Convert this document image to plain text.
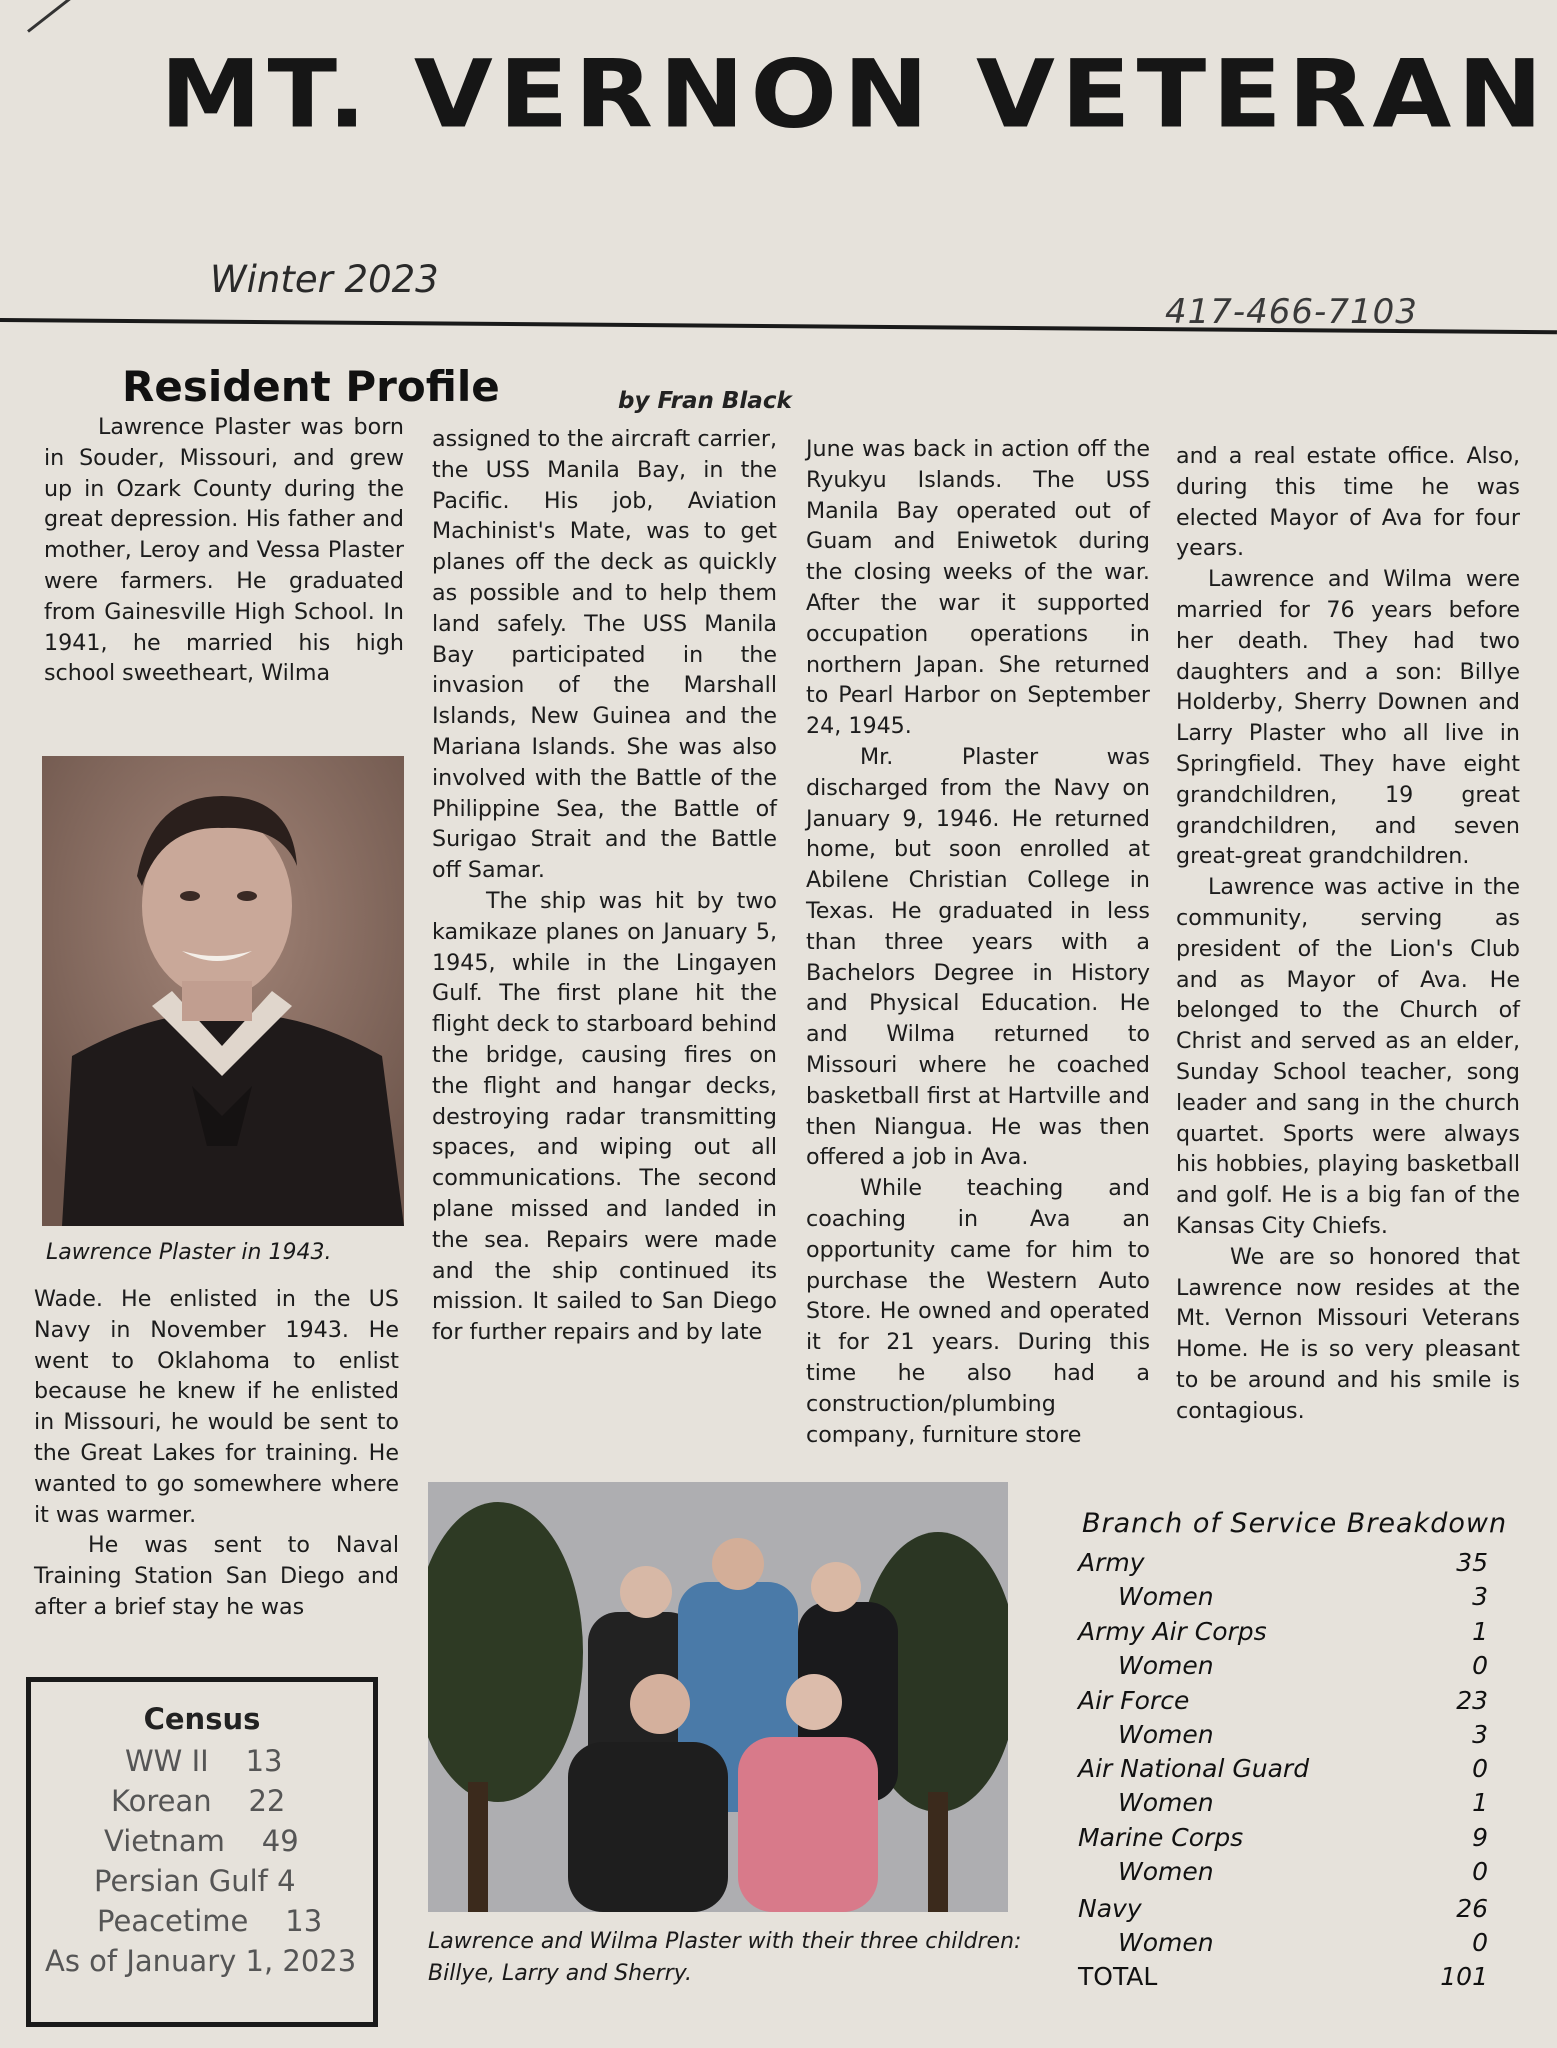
MT. VERNON VETERAN
Winter 2023
417-466-7103
Resident Profile	by Fran Black

Lawrence Plaster was born in Souder, Missouri, and grew up in Ozark County during the great depression. His father and mother, Leroy and Vessa Plaster were farmers. He graduated from Gainesville High School. In 1941, he married his high school sweetheart, Wilma

Lawrence Plaster in 1943.

Wade. He enlisted in the US Navy in November 1943. He went to Oklahoma to enlist because he knew if he enlisted in Missouri, he would be sent to the Great Lakes for training. He wanted to go somewhere where it was warmer.

He was sent to Naval Training Station San Diego and after a brief stay he was

assigned to the aircraft carrier, the USS Manila Bay, in the Pacific. His job, Aviation Machinist's Mate, was to get planes off the deck as quickly as possible and to help them land safely. The USS Manila Bay participated in the invasion of the Marshall Islands, New Guinea and the Mariana Islands. She was also involved with the Battle of the Philippine Sea, the Battle of Surigao Strait and the Battle off Samar.

The ship was hit by two kamikaze planes on January 5, 1945, while in the Lingayen Gulf. The first plane hit the flight deck to starboard behind the bridge, causing fires on the flight and hangar decks, destroying radar transmitting spaces, and wiping out all communications. The second plane missed and landed in the sea. Repairs were made and the ship continued its mission. It sailed to San Diego for further repairs and by late

June was back in action off the Ryukyu Islands. The USS Manila Bay operated out of Guam and Eniwetok during the closing weeks of the war. After the war it supported occupation operations in northern Japan. She returned to Pearl Harbor on September 24, 1945.

Mr. Plaster was discharged from the Navy on January 9, 1946. He returned home, but soon enrolled at Abilene Christian College in Texas. He graduated in less than three years with a Bachelors Degree in History and Physical Education. He and Wilma returned to Missouri where he coached basketball first at Hartville and then Niangua. He was then offered a job in Ava.

While teaching and coaching in Ava an opportunity came for him to purchase the Western Auto Store. He owned and operated it for 21 years. During this time he also had a construction/plumbing company, furniture store

and a real estate office. Also, during this time he was elected Mayor of Ava for four years.

Lawrence and Wilma were married for 76 years before her death. They had two daughters and a son: Billye Holderby, Sherry Downen and Larry Plaster who all live in Springfield. They have eight grandchildren, 19 great grandchildren, and seven great-great grandchildren.

Lawrence was active in the community, serving as president of the Lion's Club and as Mayor of Ava. He belonged to the Church of Christ and served as an elder, Sunday School teacher, song leader and sang in the church quartet. Sports were always his hobbies, playing basketball and golf. He is a big fan of the Kansas City Chiefs.

We are so honored that Lawrence now resides at the Mt. Vernon Missouri Veterans Home. He is so very pleasant to be around and his smile is contagious.

Lawrence and Wilma Plaster with their three children: Billye, Larry and Sherry.
Census
WW II 13
Korean 22
Vietnam 49
Persian Gulf 4
Peacetime 13
As of January 1, 2023
Branch of Service Breakdown
Army	35
Women	3
Army Air Corps	1
Women	0
Air Force	23
Women	3
Air National Guard	0
Women	1
Marine Corps	9
Women	0
Navy	26
Women	0
TOTAL	101
